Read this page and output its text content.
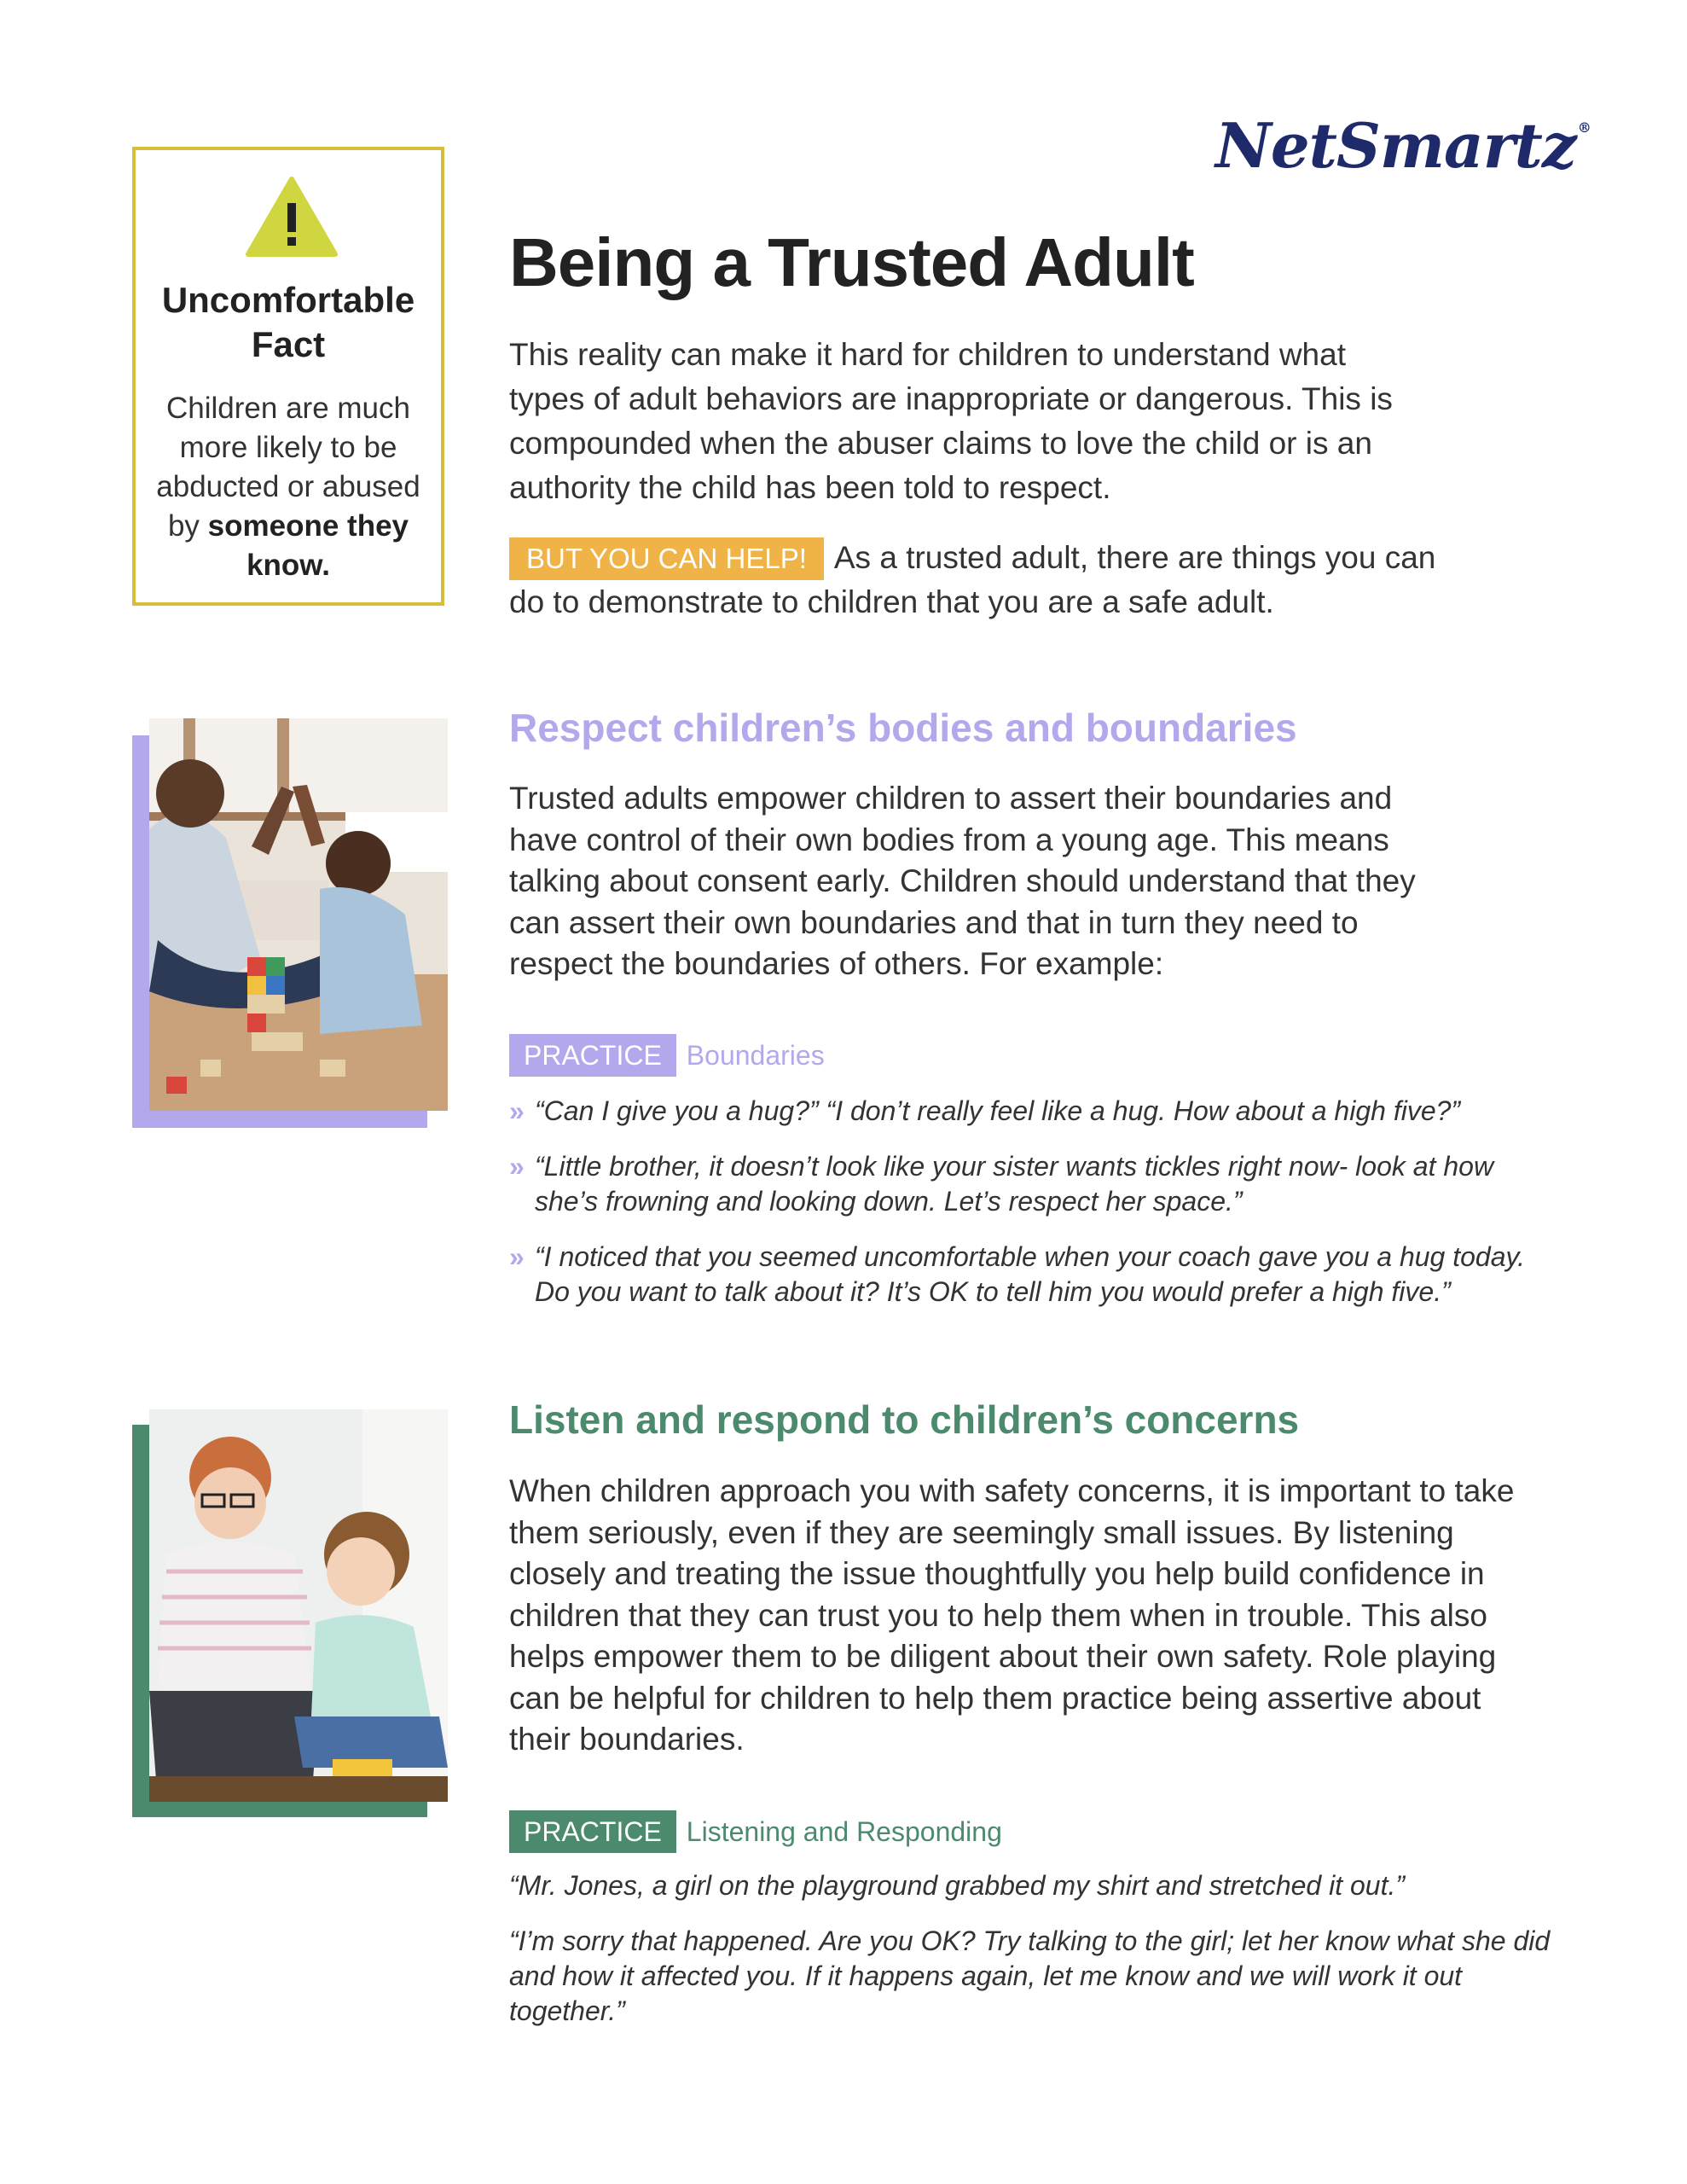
NetSmartz ®
Uncomfortable Fact
Children are much more likely to be abducted or abused by someone they know.
Being a Trusted Adult
This reality can make it hard for children to understand what types of adult behaviors are inappropriate or dangerous. This is compounded when the abuser claims to love the child or is an authority the child has been told to respect.
BUT YOU CAN HELP! As a trusted adult, there are things you can do to demonstrate to children that you are a safe adult.
Respect children’s bodies and boundaries
Trusted adults empower children to assert their boundaries and have control of their own bodies from a young age. This means talking about consent early. Children should understand that they can assert their own boundaries and that in turn they need to respect the boundaries of others. For example:
PRACTICE Boundaries
» “Can I give you a hug?” “I don’t really feel like a hug. How about a high five?”
» “Little brother, it doesn’t look like your sister wants tickles right now- look at how she’s frowning and looking down. Let’s respect her space.”
» “I noticed that you seemed uncomfortable when your coach gave you a hug today. Do you want to talk about it? It’s OK to tell him you would prefer a high five.”
Listen and respond to children’s concerns
When children approach you with safety concerns, it is important to take them seriously, even if they are seemingly small issues. By listening closely and treating the issue thoughtfully you help build confidence in children that they can trust you to help them when in trouble. This also helps empower them to be diligent about their own safety. Role playing can be helpful for children to help them practice being assertive about their boundaries.
PRACTICE Listening and Responding
“Mr. Jones, a girl on the playground grabbed my shirt and stretched it out.”
“I’m sorry that happened. Are you OK? Try talking to the girl; let her know what she did and how it affected you. If it happens again, let me know and we will work it out together.”
